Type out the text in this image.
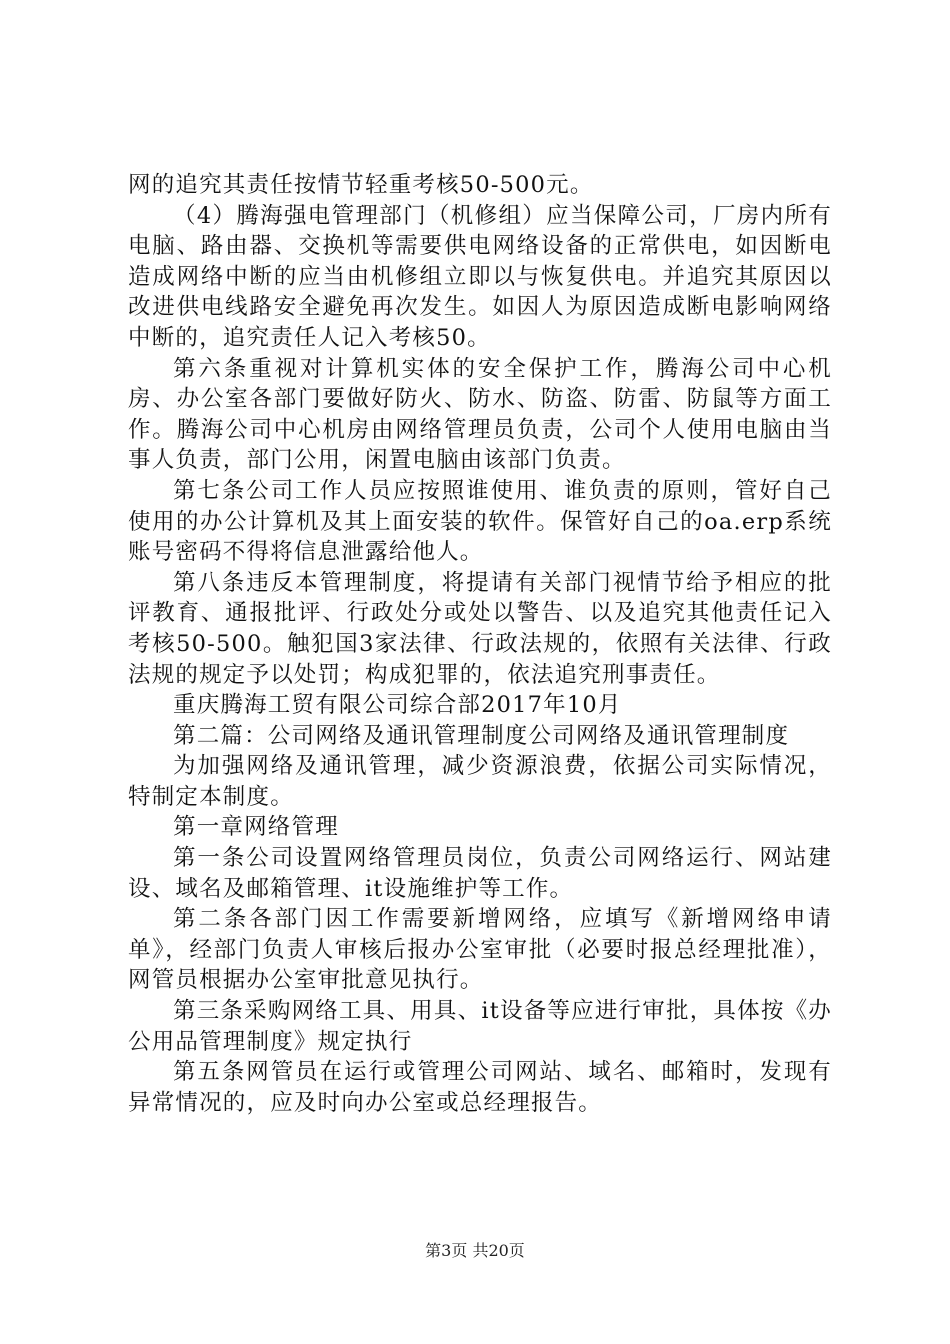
网的追究其责任按情节轻重考核50-500元。

（4）腾海强电管理部门（机修组）应当保障公司，厂房内所有电脑、路由器、交换机等需要供电网络设备的正常供电，如因断电造成网络中断的应当由机修组立即以与恢复供电。并追究其原因以改进供电线路安全避免再次发生。如因人为原因造成断电影响网络中断的，追究责任人记入考核50。

第六条重视对计算机实体的安全保护工作，腾海公司中心机房、办公室各部门要做好防火、防水、防盗、防雷、防鼠等方面工作。腾海公司中心机房由网络管理员负责，公司个人使用电脑由当事人负责，部门公用，闲置电脑由该部门负责。

第七条公司工作人员应按照谁使用、谁负责的原则，管好自己使用的办公计算机及其上面安装的软件。保管好自己的oa.erp系统账号密码不得将信息泄露给他人。

第八条违反本管理制度，将提请有关部门视情节给予相应的批评教育、通报批评、行政处分或处以警告、以及追究其他责任记入考核50-500。触犯国3家法律、行政法规的，依照有关法律、行政法规的规定予以处罚；构成犯罪的，依法追究刑事责任。

重庆腾海工贸有限公司综合部2017年10月

第二篇：公司网络及通讯管理制度公司网络及通讯管理制度

为加强网络及通讯管理，减少资源浪费，依据公司实际情况，特制定本制度。

第一章网络管理

第一条公司设置网络管理员岗位，负责公司网络运行、网站建设、域名及邮箱管理、it设施维护等工作。

第二条各部门因工作需要新增网络，应填写《新增网络申请单》，经部门负责人审核后报办公室审批（必要时报总经理批准），网管员根据办公室审批意见执行。

第三条采购网络工具、用具、it设备等应进行审批，具体按《办公用品管理制度》规定执行

第五条网管员在运行或管理公司网站、域名、邮箱时，发现有异常情况的，应及时向办公室或总经理报告。

第3页 共20页
